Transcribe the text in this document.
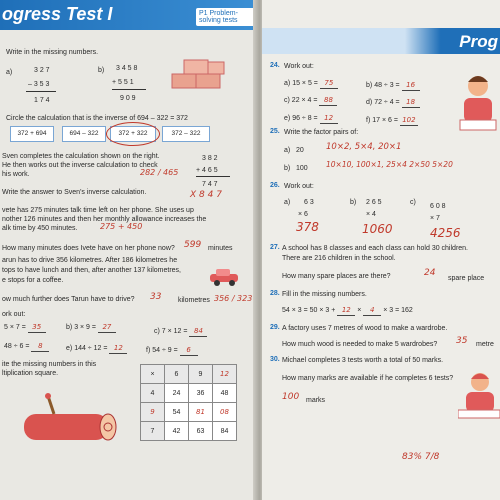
ogress Test I	P1 Problem-solving tests
Write in the missing numbers.
a)	3 2 7
– 3 5 3
1 7 4
b) 3 4 5 8
+ 5 5 1
9 0 9
Circle the calculation that is the inverse of 694 – 322 = 372
372 + 694	694 – 322	372 + 322	372 – 322
Sven completes the calculation shown on the right.
He then works out the inverse calculation to check
his work.
3 8 2
+ 4 6 5
7 4 7
282 / 465
Write the answer to Sven's inverse calculation.	X 8 4 7
vete has 275 minutes talk time left on her phone. She uses up
nother 126 minutes and then her monthly allowance increases the
alk time by 450 minutes.	275 + 450
How many minutes does Ivete have on her phone now? 599 minutes
arun has to drive 356 kilometres. After 186 kilometres he
tops to have lunch and then, after another 137 kilometres,
e stops for a coffee.
ow much further does Tarun have to drive? 33 kilometres 356 / 323
ork out:
5 × 7 = 35	b) 3 × 9 = 27
c) 7 × 12 = 84
48 ÷ 6 = 8	e) 144 ÷ 12 = 12	f) 54 ÷ 9 = 6
ite the missing numbers in this
ltiplication square.	×	6	9	12
4	24	36	48
9	54	81	08
7	42	63	84
Prog
24. Work out:
a) 15 × 5 = 75	b) 48 ÷ 3 = 16
c) 22 × 4 = 88	d) 72 ÷ 4 = 18
e) 96 ÷ 8 = 12	f) 17 × 6 = 102
25. Write the factor pairs of:
a) 20	10×2, 5×4, 20×1
b) 100 10×10, 100×1, 25×4 2×50 5×20
26. Work out:
a) 6 3
× 6
378
b) 2 6 5
× 4
1060
c)
6 0 8
× 7
4256
27. A school has 8 classes and each class can hold 30 children.
There are 216 children in the school.
How many spare places are there?	24
spare place
28. Fill in the missing numbers.
54 × 3 = 50 × 3 + 12 × 4 × 3 = 162
29. A factory uses 7 metres of wood to make a wardrobe.
How much wood is needed to make 5 wardrobes? 35 metre
30. Michael completes 3 tests worth a total of 50 marks.
How many marks are available if he completes 6 tests?
100 marks
83% 7/8
